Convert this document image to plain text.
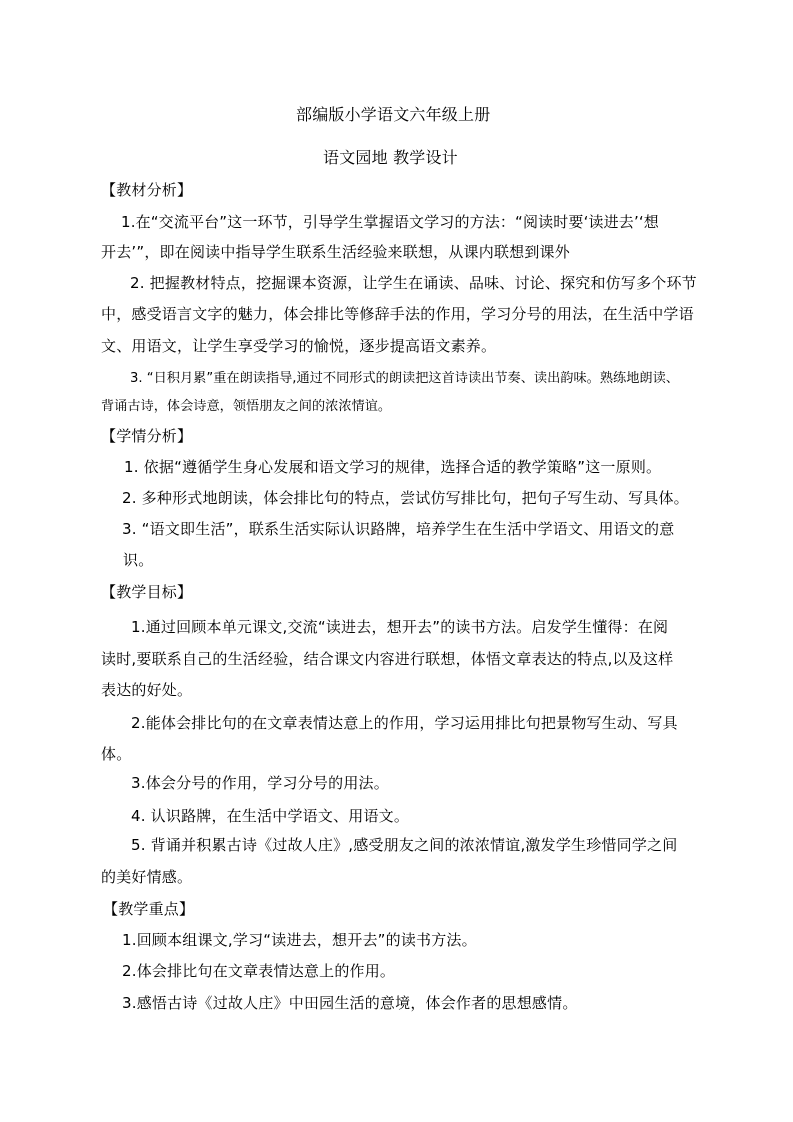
部编版小学语文六年级上册

语文园地 教学设计

【教材分析】

1.在“交流平台”这一环节，引导学生掌握语文学习的方法：“阅读时要‘读进去’‘想

开去’”，即在阅读中指导学生联系生活经验来联想，从课内联想到课外

2. 把握教材特点，挖掘课本资源，让学生在诵读、品味、讨论、探究和仿写多个环节

中，感受语言文字的魅力，体会排比等修辞手法的作用，学习分号的用法，在生活中学语

文、用语文，让学生享受学习的愉悦，逐步提高语文素养。

3. “日积月累”重在朗读指导,通过不同形式的朗读把这首诗读出节奏、读出韵味。熟练地朗读、

背诵古诗，体会诗意，领悟朋友之间的浓浓情谊。

【学情分析】

1. 依据“遵循学生身心发展和语文学习的规律，选择合适的教学策略”这一原则。

2. 多种形式地朗读，体会排比句的特点，尝试仿写排比句，把句子写生动、写具体。

3. “语文即生活”，联系生活实际认识路牌，培养学生在生活中学语文、用语文的意

识。

【教学目标】

1.通过回顾本单元课文,交流“读进去，想开去”的读书方法。启发学生懂得：在阅

读时,要联系自己的生活经验，结合课文内容进行联想，体悟文章表达的特点,以及这样

表达的好处。

2.能体会排比句的在文章表情达意上的作用，学习运用排比句把景物写生动、写具

体。

3.体会分号的作用，学习分号的用法。

4. 认识路牌，在生活中学语文、用语文。

5. 背诵并积累古诗《过故人庄》,感受朋友之间的浓浓情谊,激发学生珍惜同学之间

的美好情感。

【教学重点】

1.回顾本组课文,学习“读进去，想开去”的读书方法。

2.体会排比句在文章表情达意上的作用。

3.感悟古诗《过故人庄》中田园生活的意境，体会作者的思想感情。
